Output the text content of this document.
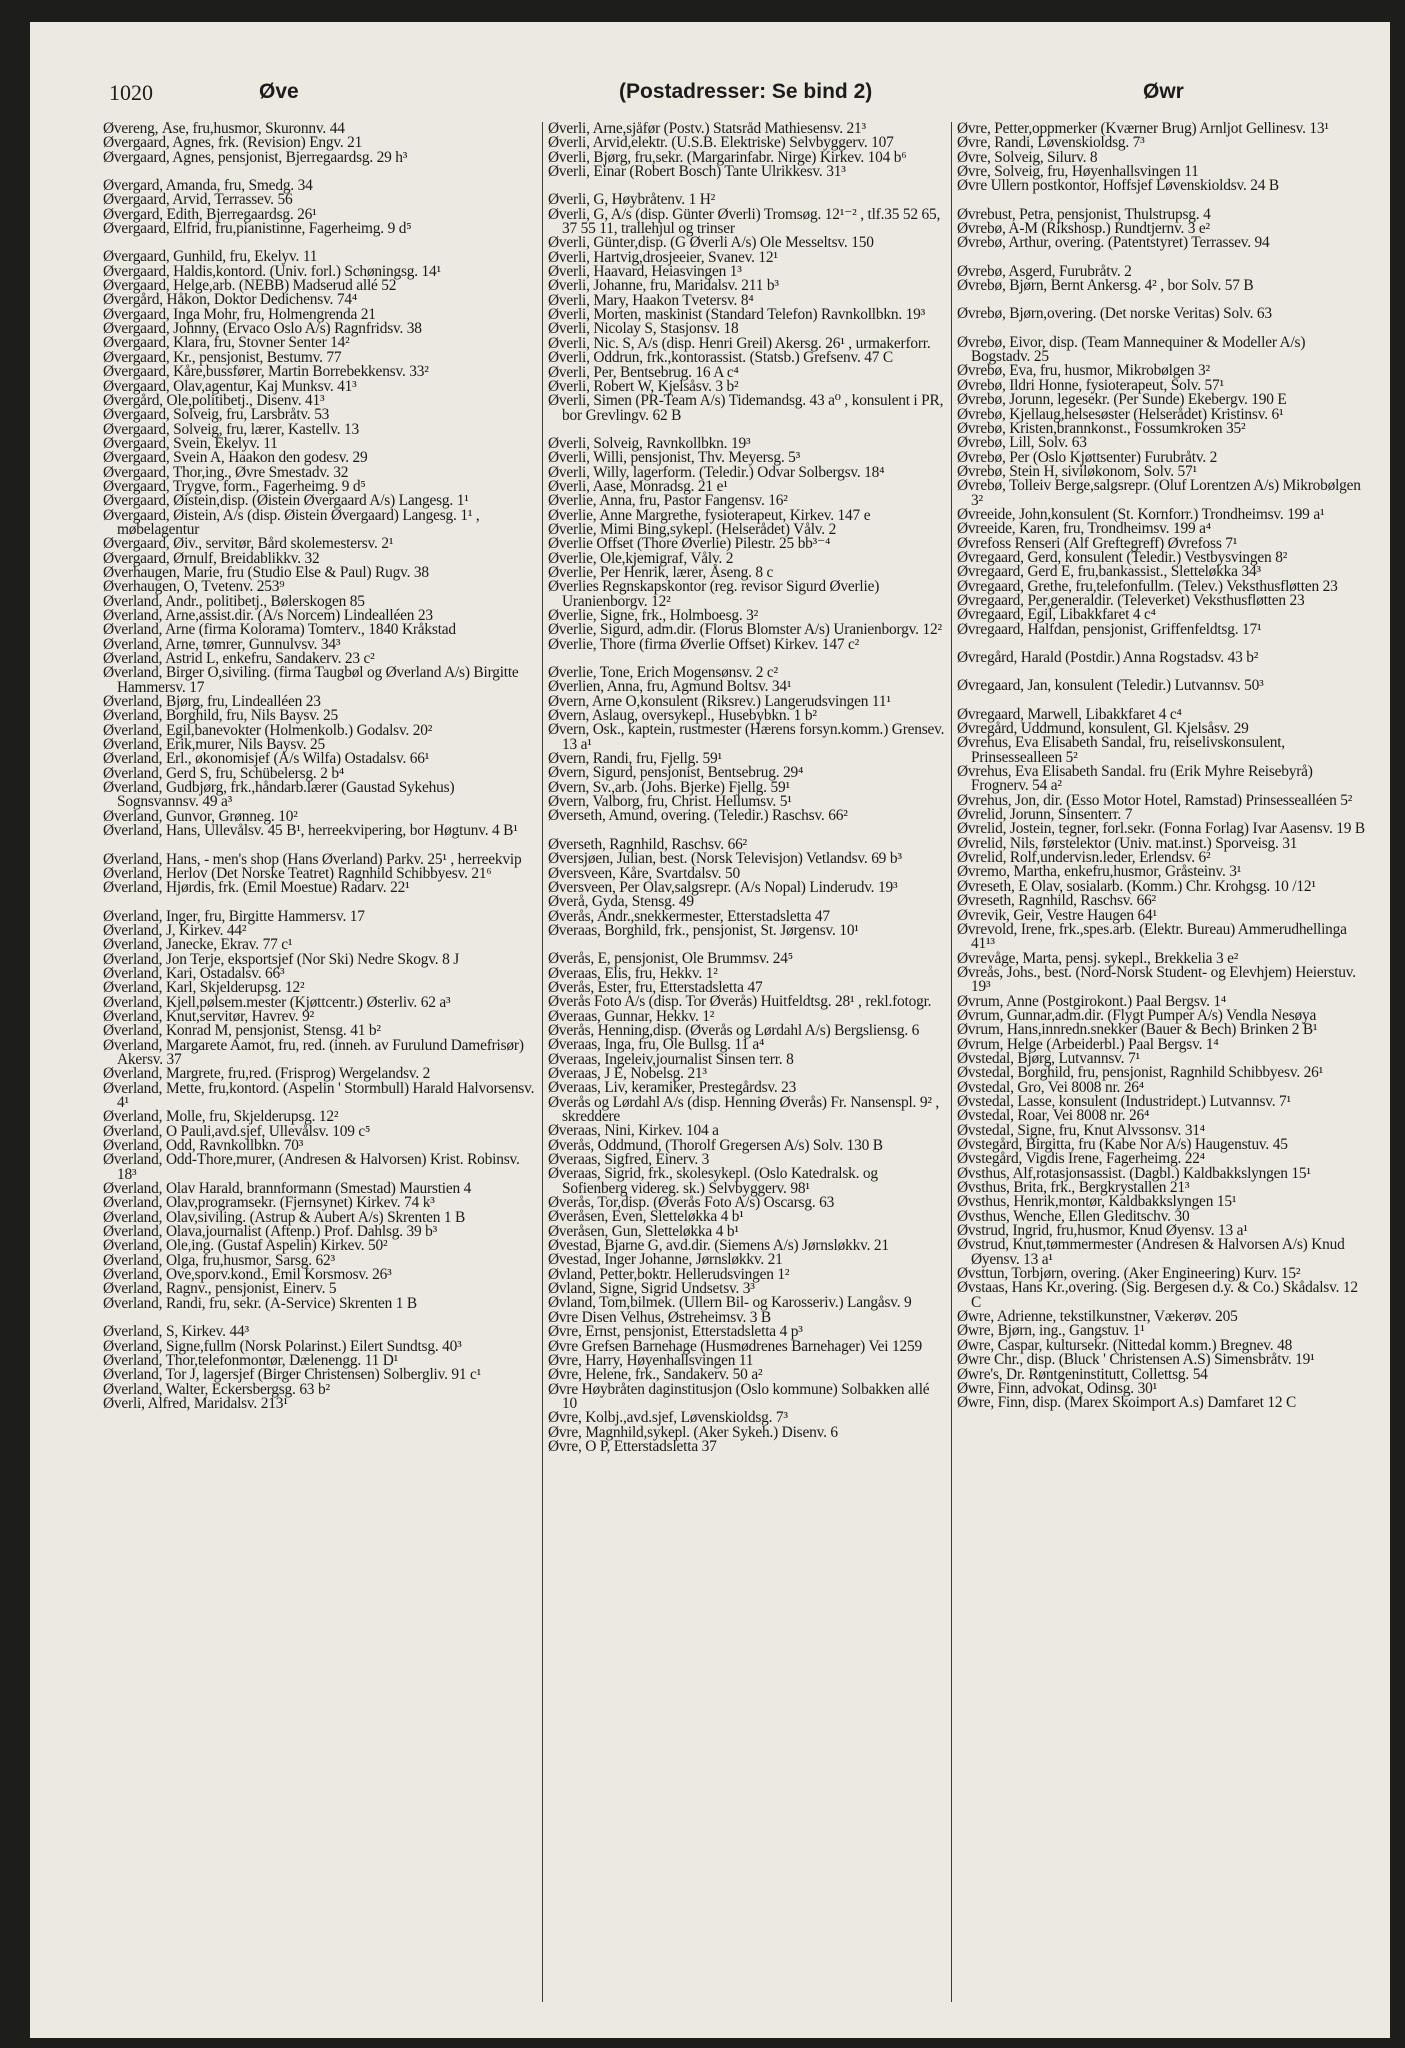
1020	Øve	(Postadresser: Se bind 2)	Øwr
Øvereng, Åse, fru,husmor, Skuronnv. 44
Øvergaard, Agnes, frk. (Revision) Engv. 21
Øvergaard, Agnes, pensjonist, Bjerregaardsg. 29 h³
Øvergard, Amanda, fru, Smedg. 34
Øvergaard, Arvid, Terrassev. 56
Øvergard, Edith, Bjerregaardsg. 26¹
Øvergaard, Elfrid, fru,pianistinne, Fagerheimg. 9 d⁵
Øvergaard, Gunhild, fru, Ekelyv. 11
Øvergaard, Haldis,kontord. (Univ. forl.) Schøningsg. 14¹
Øvergaard, Helge,arb. (NEBB) Madserud allé 52
Øvergård, Håkon, Doktor Dedichensv. 74⁴
Øvergaard, Inga Mohr, fru, Holmengrenda 21
Øvergaard, Johnny, (Ervaco Oslo A/s) Ragnfridsv. 38
Øvergaard, Klara, fru, Stovner Senter 14²
Øvergaard, Kr., pensjonist, Bestumv. 77
Øvergaard, Kåre,bussfører, Martin Borrebekkensv. 33²
Øvergaard, Olav,agentur, Kaj Munksv. 41³
Øvergård, Ole,politibetj., Disenv. 41³
Øvergaard, Solveig, fru, Larsbråtv. 53
Øvergaard, Solveig, fru, lærer, Kastellv. 13
Øvergaard, Svein, Ekelyv. 11
Øvergaard, Svein A, Haakon den godesv. 29
Øvergaard, Thor,ing., Øvre Smestadv. 32
Øvergaard, Trygve, form., Fagerheimg. 9 d⁵
Øvergaard, Øistein,disp. (Øistein Øvergaard A/s) Langesg. 1¹
Øvergaard, Øistein, A/s (disp. Øistein Øvergaard) Langesg. 1¹ , møbelagentur
Øvergaard, Øiv., servitør, Bård skolemestersv. 2¹
Øvergaard, Ørnulf, Breidablikkv. 32
Øverhaugen, Marie, fru (Studio Else & Paul) Rugv. 38
Øverhaugen, O, Tvetenv. 253⁹
Øverland, Andr., politibetj., Bølerskogen 85
Øverland, Arne,assist.dir. (A/s Norcem) Lindealléen 23
Øverland, Arne (firma Kolorama) Tomterv., 1840 Kråkstad
Øverland, Arne, tømrer, Gunnulvsv. 34³
Øverland, Astrid L, enkefru, Sandakerv. 23 c²
Øverland, Birger O,siviling. (firma Taugbøl og Øverland A/s) Birgitte Hammersv. 17
Øverland, Bjørg, fru, Lindealléen 23
Øverland, Borghild, fru, Nils Baysv. 25
Øverland, Egil,banevokter (Holmenkolb.) Godalsv. 20²
Øverland, Erik,murer, Nils Baysv. 25
Øverland, Erl., økonomisjef (A/s Wilfa) Ostadalsv. 66¹
Øverland, Gerd S, fru, Schübelersg. 2 b⁴
Øverland, Gudbjørg, frk.,håndarb.lærer (Gaustad Sykehus) Sognsvannsv. 49 a³
Øverland, Gunvor, Grønneg. 10²
Øverland, Hans, Ullevålsv. 45 B¹, herreekvipering, bor Høgtunv. 4 B¹
Øverland, Hans, - men's shop (Hans Øverland) Parkv. 25¹ , herreekvip
Øverland, Herlov (Det Norske Teatret) Ragnhild Schibbyesv. 21⁶
Øverland, Hjørdis, frk. (Emil Moestue) Radarv. 22¹
Øverland, Inger, fru, Birgitte Hammersv. 17
Øverland, J, Kirkev. 44²
Øverland, Janecke, Ekrav. 77 c¹
Øverland, Jon Terje, eksportsjef (Nor Ski) Nedre Skogv. 8 J
Øverland, Kari, Ostadalsv. 66³
Øverland, Karl, Skjelderupsg. 12²
Øverland, Kjell,pølsem.mester (Kjøttcentr.) Østerliv. 62 a³
Øverland, Knut,servitør, Havrev. 9²
Øverland, Konrad M, pensjonist, Stensg. 41 b²
Øverland, Margarete Aamot, fru, red. (inneh. av Furulund Damefrisør) Akersv. 37
Øverland, Margrete, fru,red. (Frisprog) Wergelandsv. 2
Øverland, Mette, fru,kontord. (Aspelin ' Stormbull) Harald Halvorsensv. 4¹
Øverland, Molle, fru, Skjelderupsg. 12²
Øverland, O Pauli,avd.sjef, Ullevålsv. 109 c⁵
Øverland, Odd, Ravnkollbkn. 70³
Øverland, Odd-Thore,murer, (Andresen & Halvorsen) Krist. Robinsv. 18³
Øverland, Olav Harald, brannformann (Smestad) Maurstien 4
Øverland, Olav,programsekr. (Fjernsynet) Kirkev. 74 k³
Øverland, Olav,siviling. (Astrup & Aubert A/s) Skrenten 1 B
Øverland, Olava,journalist (Aftenp.) Prof. Dahlsg. 39 b³
Øverland, Ole,ing. (Gustaf Aspelin) Kirkev. 50²
Øverland, Olga, fru,husmor, Sarsg. 62³
Øverland, Ove,sporv.kond., Emil Korsmosv. 26³
Øverland, Ragnv., pensjonist, Einerv. 5
Øverland, Randi, fru, sekr. (A-Service) Skrenten 1 B
Øverland, S, Kirkev. 44³
Øverland, Signe,fullm (Norsk Polarinst.) Eilert Sundtsg. 40³
Øverland, Thor,telefonmontør, Dælenengg. 11 D¹
Øverland, Tor J, lagersjef (Birger Christensen) Solbergliv. 91 c¹
Øverland, Walter, Eckersbergsg. 63 b²
Øverli, Alfred, Maridalsv. 213¹
Øverli, Arne,sjåfør (Postv.) Statsråd Mathiesensv. 21³
Øverli, Arvid,elektr. (U.S.B. Elektriske) Selvbyggerv. 107
Øverli, Bjørg, fru,sekr. (Margarinfabr. Nirge) Kirkev. 104 b⁶
Øverli, Einar (Robert Bosch) Tante Ulrikkesv. 31³
Øverli, G, Høybråtenv. 1 H²
Øverli, G, A/s (disp. Günter Øverli) Tromsøg. 12¹⁻² , tlf.35 52 65, 37 55 11, trallehjul og trinser
Øverli, Günter,disp. (G Øverli A/s) Ole Messeltsv. 150
Øverli, Hartvig,drosjeeier, Svanev. 12¹
Øverli, Haavard, Heiasvingen 1³
Øverli, Johanne, fru, Maridalsv. 211 b³
Øverli, Mary, Haakon Tvetersv. 8⁴
Øverli, Morten, maskinist (Standard Telefon) Ravnkollbkn. 19³
Øverli, Nicolay S, Stasjonsv. 18
Øverli, Nic. S, A/s (disp. Henri Greil) Akersg. 26¹ , urmakerforr.
Øverli, Oddrun, frk.,kontorassist. (Statsb.) Grefsenv. 47 C
Øverli, Per, Bentsebrug. 16 A c⁴
Øverli, Robert W, Kjelsåsv. 3 b²
Øverli, Simen (PR-Team A/s) Tidemandsg. 43 a⁰ , konsulent i PR, bor Grevlingv. 62 B
Øverli, Solveig, Ravnkollbkn. 19³
Øverli, Willi, pensjonist, Thv. Meyersg. 5³
Øverli, Willy, lagerform. (Teledir.) Odvar Solbergsv. 18⁴
Øverli, Aase, Monradsg. 21 e¹
Øverlie, Anna, fru, Pastor Fangensv. 16²
Øverlie, Anne Margrethe, fysioterapeut, Kirkev. 147 e
Øverlie, Mimi Bing,sykepl. (Helserådet) Vålv. 2
Øverlie Offset (Thore Øverlie) Pilestr. 25 bb³⁻⁴
Øverlie, Ole,kjemigraf, Vålv. 2
Øverlie, Per Henrik, lærer, Åseng. 8 c
Øverlies Regnskapskontor (reg. revisor Sigurd Øverlie) Uranienborgv. 12²
Øverlie, Signe, frk., Holmboesg. 3²
Øverlie, Sigurd, adm.dir. (Florus Blomster A/s) Uranienborgv. 12²
Øverlie, Thore (firma Øverlie Offset) Kirkev. 147 c²
Øverlie, Tone, Erich Mogensønsv. 2 c²
Øverlien, Anna, fru, Agmund Boltsv. 34¹
Øvern, Arne O,konsulent (Riksrev.) Langerudsvingen 11¹
Øvern, Aslaug, oversykepl., Husebybkn. 1 b²
Øvern, Osk., kaptein, rustmester (Hærens forsyn.komm.) Grensev. 13 a¹
Øvern, Randi, fru, Fjellg. 59¹
Øvern, Sigurd, pensjonist, Bentsebrug. 29⁴
Øvern, Sv.,arb. (Johs. Bjerke) Fjellg. 59¹
Øvern, Valborg, fru, Christ. Hellumsv. 5¹
Øverseth, Amund, overing. (Teledir.) Raschsv. 66²
Øverseth, Ragnhild, Raschsv. 66²
Øversjøen, Julian, best. (Norsk Televisjon) Vetlandsv. 69 b³
Øversveen, Kåre, Svartdalsv. 50
Øversveen, Per Olav,salgsrepr. (A/s Nopal) Linderudv. 19³
Øverå, Gyda, Stensg. 49
Øverås, Andr.,snekkermester, Etterstadsletta 47
Øveraas, Borghild, frk., pensjonist, St. Jørgensv. 10¹
Øverås, E, pensjonist, Ole Brummsv. 24⁵
Øveraas, Elis, fru, Hekkv. 1²
Øverås, Ester, fru, Etterstadsletta 47
Øverås Foto A/s (disp. Tor Øverås) Huitfeldtsg. 28¹ , rekl.fotogr.
Øveraas, Gunnar, Hekkv. 1²
Øverås, Henning,disp. (Øverås og Lørdahl A/s) Bergsliensg. 6
Øveraas, Inga, fru, Ole Bullsg. 11 a⁴
Øveraas, Ingeleiv,journalist Sinsen terr. 8
Øveraas, J E, Nobelsg. 21³
Øveraas, Liv, keramiker, Prestegårdsv. 23
Øverås og Lørdahl A/s (disp. Henning Øverås) Fr. Nansenspl. 9² , skreddere
Øveraas, Nini, Kirkev. 104 a
Øverås, Oddmund, (Thorolf Gregersen A/s) Solv. 130 B
Øveraas, Sigfred, Einerv. 3
Øveraas, Sigrid, frk., skolesykepl. (Oslo Katedralsk. og Sofienberg videreg. sk.) Selvbyggerv. 98¹
Øverås, Tor,disp. (Øverås Foto A/s) Oscarsg. 63
Øveråsen, Even, Sletteløkka 4 b¹
Øveråsen, Gun, Sletteløkka 4 b¹
Øvestad, Bjarne G, avd.dir. (Siemens A/s) Jørnsløkkv. 21
Øvestad, Inger Johanne, Jørnsløkkv. 21
Øvland, Petter,boktr. Hellerudsvingen 1²
Øvland, Signe, Sigrid Undsetsv. 3³
Øvland, Tom,bilmek. (Ullern Bil- og Karosseriv.) Langåsv. 9
Øvre Disen Velhus, Østreheimsv. 3 B
Øvre, Ernst, pensjonist, Etterstadsletta 4 p³
Øvre Grefsen Barnehage (Husmødrenes Barnehager) Vei 1259
Øvre, Harry, Høyenhallsvingen 11
Øvre, Helene, frk., Sandakerv. 50 a²
Øvre Høybråten daginstitusjon (Oslo kommune) Solbakken allé 10
Øvre, Kolbj.,avd.sjef, Løvenskioldsg. 7³
Øvre, Magnhild,sykepl. (Aker Sykeh.) Disenv. 6
Øvre, O P, Etterstadsletta 37
Øvre, Petter,oppmerker (Kværner Brug) Arnljot Gellinesv. 13¹
Øvre, Randi, Løvenskioldsg. 7³
Øvre, Solveig, Silurv. 8
Øvre, Solveig, fru, Høyenhallsvingen 11
Øvre Ullern postkontor, Hoffsjef Løvenskioldsv. 24 B
Øvrebust, Petra, pensjonist, Thulstrupsg. 4
Øvrebø, A-M (Rikshosp.) Rundtjernv. 3 e²
Øvrebø, Arthur, overing. (Patentstyret) Terrassev. 94
Øvrebø, Asgerd, Furubråtv. 2
Øvrebø, Bjørn, Bernt Ankersg. 4² , bor Solv. 57 B
Øvrebø, Bjørn,overing. (Det norske Veritas) Solv. 63
Øvrebø, Eivor, disp. (Team Mannequiner & Modeller A/s) Bogstadv. 25
Øvrebø, Eva, fru, husmor, Mikrobølgen 3²
Øvrebø, Ildri Honne, fysioterapeut, Solv. 57¹
Øvrebø, Jorunn, legesekr. (Per Sunde) Ekebergv. 190 E
Øvrebø, Kjellaug,helsesøster (Helserådet) Kristinsv. 6¹
Øvrebø, Kristen,brannkonst., Fossumkroken 35²
Øvrebø, Lill, Solv. 63
Øvrebø, Per (Oslo Kjøttsenter) Furubråtv. 2
Øvrebø, Stein H, siviløkonom, Solv. 57¹
Øvrebø, Tolleiv Berge,salgsrepr. (Oluf Lorentzen A/s) Mikrobølgen 3²
Øvreeide, John,konsulent (St. Kornforr.) Trondheimsv. 199 a¹
Øvreeide, Karen, fru, Trondheimsv. 199 a⁴
Øvrefoss Renseri (Alf Greftegreff) Øvrefoss 7¹
Øvregaard, Gerd, konsulent (Teledir.) Vestbysvingen 8²
Øvregaard, Gerd E, fru,bankassist., Sletteløkka 34³
Øvregaard, Grethe, fru,telefonfullm. (Telev.) Veksthusfløtten 23
Øvregaard, Per,generaldir. (Televerket) Veksthusfløtten 23
Øvregaard, Egil, Libakkfaret 4 c⁴
Øvregaard, Halfdan, pensjonist, Griffenfeldtsg. 17¹
Øvregård, Harald (Postdir.) Anna Rogstadsv. 43 b²
Øvregaard, Jan, konsulent (Teledir.) Lutvannsv. 50³
Øvregaard, Marwell, Libakkfaret 4 c⁴
Øvregård, Uddmund, konsulent, Gl. Kjelsåsv. 29
Øvrehus, Eva Elisabeth Sandal, fru, reiselivskonsulent, Prinsessealleen 5²
Øvrehus, Eva Elisabeth Sandal. fru (Erik Myhre Reisebyrå) Frognerv. 54 a²
Øvrehus, Jon, dir. (Esso Motor Hotel, Ramstad) Prinsessealléen 5²
Øvrelid, Jorunn, Sinsenterr. 7
Øvrelid, Jostein, tegner, forl.sekr. (Fonna Forlag) Ivar Aasensv. 19 B
Øvrelid, Nils, førstelektor (Univ. mat.inst.) Sporveisg. 31
Øvrelid, Rolf,undervisn.leder, Erlendsv. 6²
Øvremo, Martha, enkefru,husmor, Gråsteinv. 3¹
Øvreseth, E Olav, sosialarb. (Komm.) Chr. Krohgsg. 10 /12¹
Øvreseth, Ragnhild, Raschsv. 66²
Øvrevik, Geir, Vestre Haugen 64¹
Øvrevold, Irene, frk.,spes.arb. (Elektr. Bureau) Ammerudhellinga 41¹³
Øvrevåge, Marta, pensj. sykepl., Brekkelia 3 e²
Øvreås, Johs., best. (Nord-Norsk Student- og Elevhjem) Heierstuv. 19³
Øvrum, Anne (Postgirokont.) Paal Bergsv. 1⁴
Øvrum, Gunnar,adm.dir. (Flygt Pumper A/s) Vendla Nesøya
Øvrum, Hans,innredn.snekker (Bauer & Bech) Brinken 2 B¹
Øvrum, Helge (Arbeiderbl.) Paal Bergsv. 1⁴
Øvstedal, Bjørg, Lutvannsv. 7¹
Øvstedal, Borghild, fru, pensjonist, Ragnhild Schibbyesv. 26¹
Øvstedal, Gro, Vei 8008 nr. 26⁴
Øvstedal, Lasse, konsulent (Industridept.) Lutvannsv. 7¹
Øvstedal, Roar, Vei 8008 nr. 26⁴
Øvstedal, Signe, fru, Knut Alvssonsv. 31⁴
Øvstegård, Birgitta, fru (Kabe Nor A/s) Haugenstuv. 45
Øvstegård, Vigdis Irene, Fagerheimg. 22⁴
Øvsthus, Alf,rotasjonsassist. (Dagbl.) Kaldbakkslyngen 15¹
Øvsthus, Brita, frk., Bergkrystallen 21³
Øvsthus, Henrik,montør, Kaldbakkslyngen 15¹
Øvsthus, Wenche, Ellen Gleditschv. 30
Øvstrud, Ingrid, fru,husmor, Knud Øyensv. 13 a¹
Øvstrud, Knut,tømmermester (Andresen & Halvorsen A/s) Knud Øyensv. 13 a¹
Øvsttun, Torbjørn, overing. (Aker Engineering) Kurv. 15²
Øvstaas, Hans Kr.,overing. (Sig. Bergesen d.y. & Co.) Skådalsv. 12 C
Øwre, Adrienne, tekstilkunstner, Vækerøv. 205
Øwre, Bjørn, ing., Gangstuv. 1¹
Øwre, Caspar, kultursekr. (Nittedal komm.) Bregnev. 48
Øwre Chr., disp. (Bluck ' Christensen A.S) Simensbråtv. 19¹
Øwre's, Dr. Røntgeninstitutt, Collettsg. 54
Øwre, Finn, advokat, Odinsg. 30¹
Øwre, Finn, disp. (Marex Skoimport A.s) Damfaret 12 C
